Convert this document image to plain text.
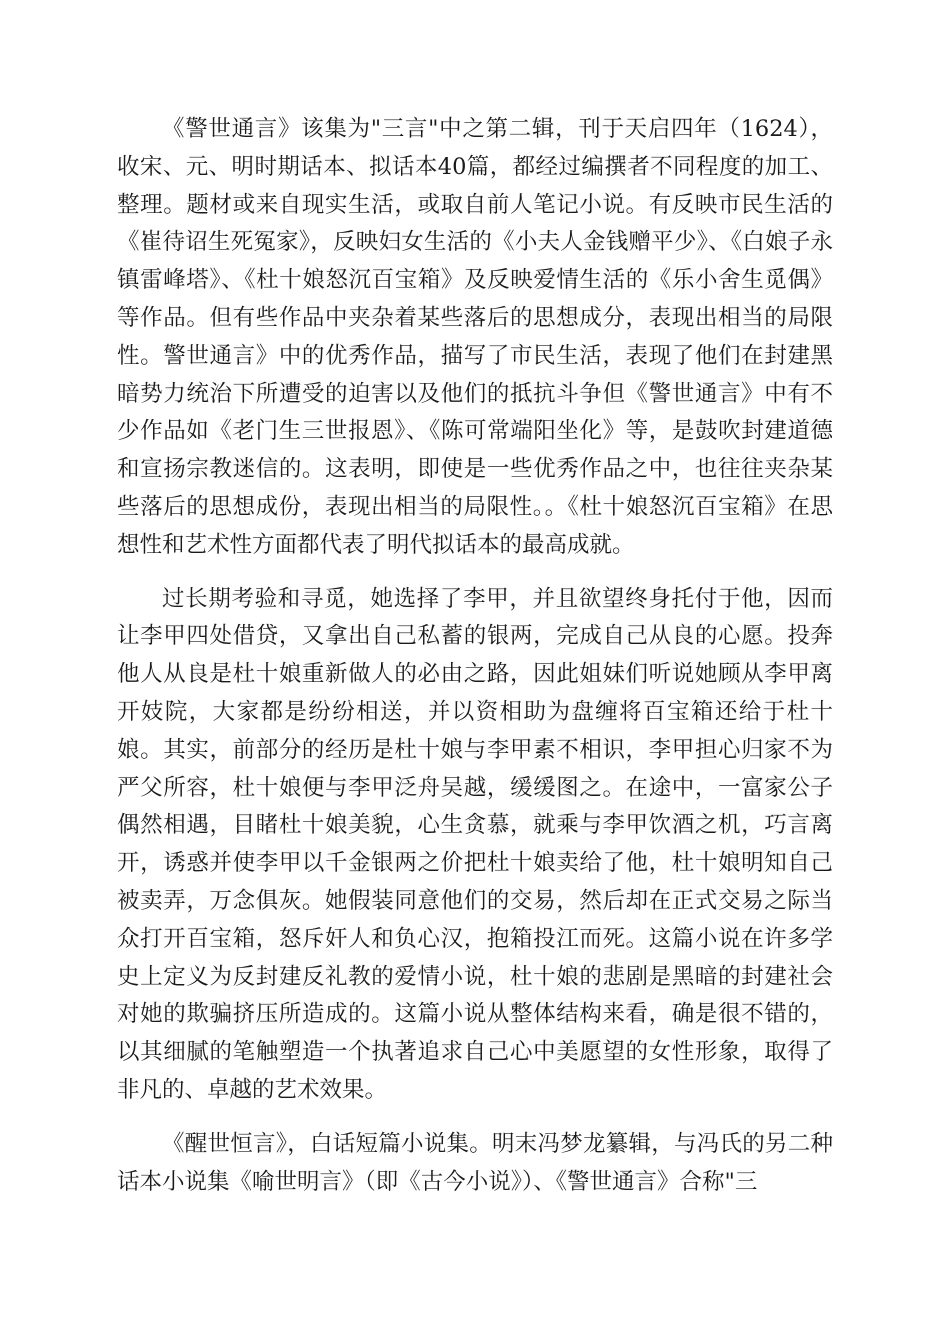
《警世通言》该集为"三言"中之第二辑，刊于天启四年（1624），收宋、元、明时期话本、拟话本40篇，都经过编撰者不同程度的加工、整理。题材或来自现实生活，或取自前人笔记小说。有反映市民生活的《崔待诏生死冤家》，反映妇女生活的《小夫人金钱赠平少》、《白娘子永镇雷峰塔》、《杜十娘怒沉百宝箱》及反映爱情生活的《乐小舍生觅偶》等作品。但有些作品中夹杂着某些落后的思想成分，表现出相当的局限性。警世通言》中的优秀作品，描写了市民生活，表现了他们在封建黑暗势力统治下所遭受的迫害以及他们的抵抗斗争但《警世通言》中有不少作品如《老门生三世报恩》、《陈可常端阳坐化》等，是鼓吹封建道德和宣扬宗教迷信的。这表明，即使是一些优秀作品之中，也往往夹杂某些落后的思想成份，表现出相当的局限性。。《杜十娘怒沉百宝箱》在思想性和艺术性方面都代表了明代拟话本的最高成就。

过长期考验和寻觅，她选择了李甲，并且欲望终身托付于他，因而让李甲四处借贷，又拿出自己私蓄的银两，完成自己从良的心愿。投奔他人从良是杜十娘重新做人的必由之路，因此姐妹们听说她顾从李甲离开妓院，大家都是纷纷相送，并以资相助为盘缠将百宝箱还给于杜十娘。其实，前部分的经历是杜十娘与李甲素不相识，李甲担心归家不为严父所容，杜十娘便与李甲泛舟吴越，缓缓图之。在途中，一富家公子偶然相遇，目睹杜十娘美貌，心生贪慕，就乘与李甲饮酒之机，巧言离开，诱惑并使李甲以千金银两之价把杜十娘卖给了他，杜十娘明知自己被卖弄，万念俱灰。她假装同意他们的交易，然后却在正式交易之际当众打开百宝箱，怒斥奸人和负心汉，抱箱投江而死。这篇小说在许多学史上定义为反封建反礼教的爱情小说，杜十娘的悲剧是黑暗的封建社会对她的欺骗挤压所造成的。这篇小说从整体结构来看，确是很不错的，以其细腻的笔触塑造一个执著追求自己心中美愿望的女性形象，取得了非凡的、卓越的艺术效果。

《醒世恒言》，白话短篇小说集。明末冯梦龙纂辑，与冯氏的另二种话本小说集《喻世明言》（即《古今小说》）、《警世通言》合称"三
